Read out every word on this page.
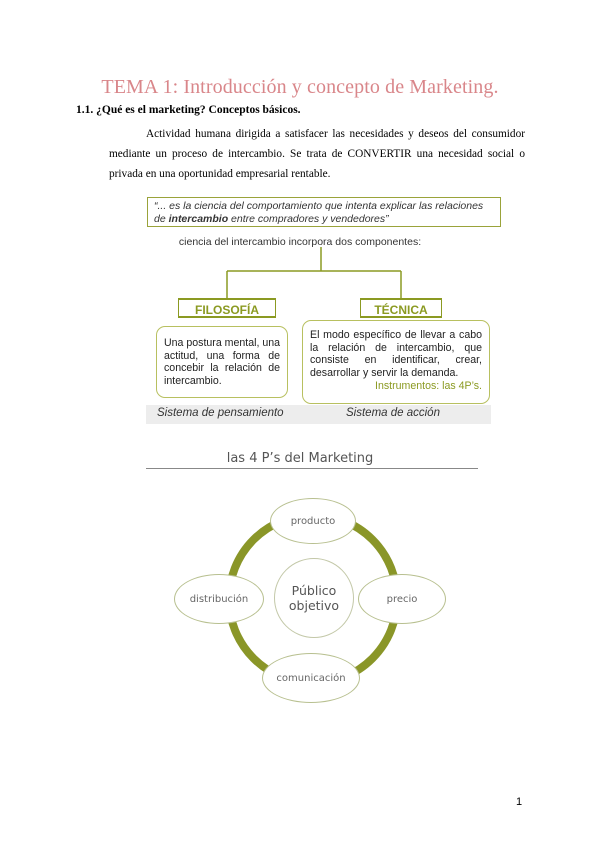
TEMA 1: Introducción y concepto de Marketing.
1.1. ¿Qué es el marketing? Conceptos básicos.
Actividad humana dirigida a satisfacer las necesidades y deseos del consumidor mediante un proceso de intercambio. Se trata de CONVERTIR una necesidad social o privada en una oportunidad empresarial rentable.
“... es la ciencia del comportamiento que intenta explicar las relaciones de intercambio entre compradores y vendedores”
ciencia del intercambio incorpora dos componentes:
FILOSOFÍA	TÉCNICA
Una postura mental, una actitud, una forma de concebir la relación de intercambio.
El modo específico de llevar a cabo la relación de intercambio, que consiste en identificar, crear, desarrollar y servir la demanda.
Instrumentos: las 4P’s.
Sistema de pensamiento	Sistema de acción
las 4 P’s del Marketing
producto
precio
distribución
comunicación
Público
objetivo
1
